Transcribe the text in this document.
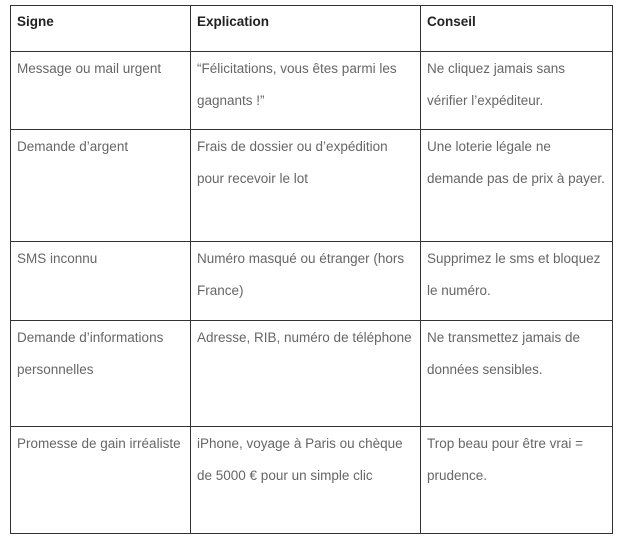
Signe	Explication	Conseil
Message ou mail urgent	“Félicitations, vous êtes parmi les gagnants !”	Ne cliquez jamais sans vérifier l’expéditeur.
Demande d’argent	Frais de dossier ou d’expédition pour recevoir le lot	Une loterie légale ne demande pas de prix à payer.
SMS inconnu	Numéro masqué ou étranger (hors France)	Supprimez le sms et bloquez le numéro.
Demande d’informations personnelles	Adresse, RIB, numéro de téléphone	Ne transmettez jamais de données sensibles.
Promesse de gain irréaliste	iPhone, voyage à Paris ou chèque de 5000 € pour un simple clic	Trop beau pour être vrai = prudence.
